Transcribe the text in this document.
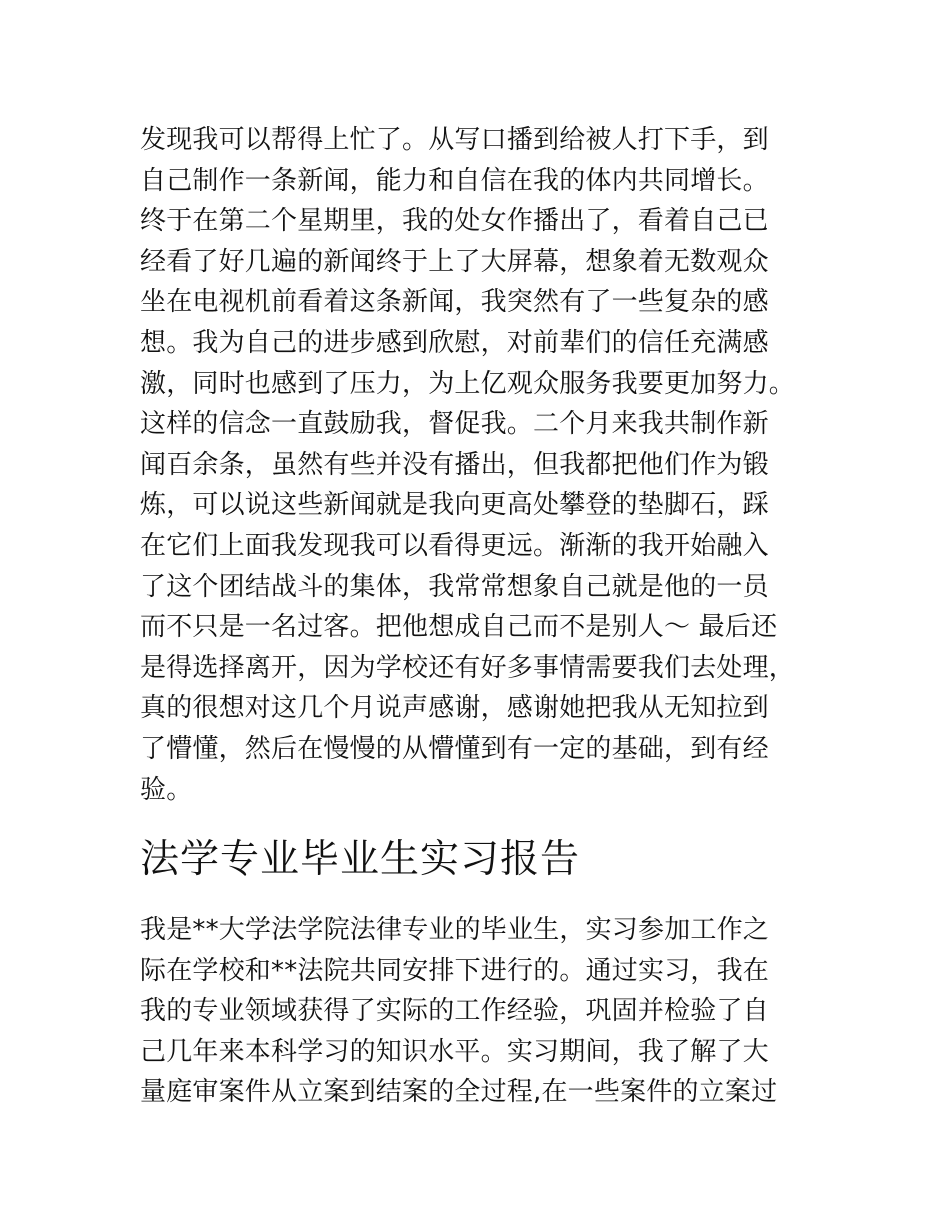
发现我可以帮得上忙了。从写口播到给被人打下手，到
自己制作一条新闻，能力和自信在我的体内共同增长。
终于在第二个星期里，我的处女作播出了，看着自己已
经看了好几遍的新闻终于上了大屏幕，想象着无数观众
坐在电视机前看着这条新闻，我突然有了一些复杂的感
想。我为自己的进步感到欣慰，对前辈们的信任充满感
激，同时也感到了压力，为上亿观众服务我要更加努力。
这样的信念一直鼓励我，督促我。二个月来我共制作新
闻百余条，虽然有些并没有播出，但我都把他们作为锻
炼，可以说这些新闻就是我向更高处攀登的垫脚石，踩
在它们上面我发现我可以看得更远。渐渐的我开始融入
了这个团结战斗的集体，我常常想象自己就是他的一员
而不只是一名过客。把他想成自己而不是别人～ 最后还
是得选择离开，因为学校还有好多事情需要我们去处理，
真的很想对这几个月说声感谢，感谢她把我从无知拉到
了懵懂，然后在慢慢的从懵懂到有一定的基础，到有经
验。
法学专业毕业生实习报告
我是**大学法学院法律专业的毕业生，实习参加工作之
际在学校和**法院共同安排下进行的。通过实习，我在
我的专业领域获得了实际的工作经验，巩固并检验了自
己几年来本科学习的知识水平。实习期间，我了解了大
量庭审案件从立案到结案的全过程,在一些案件的立案过
